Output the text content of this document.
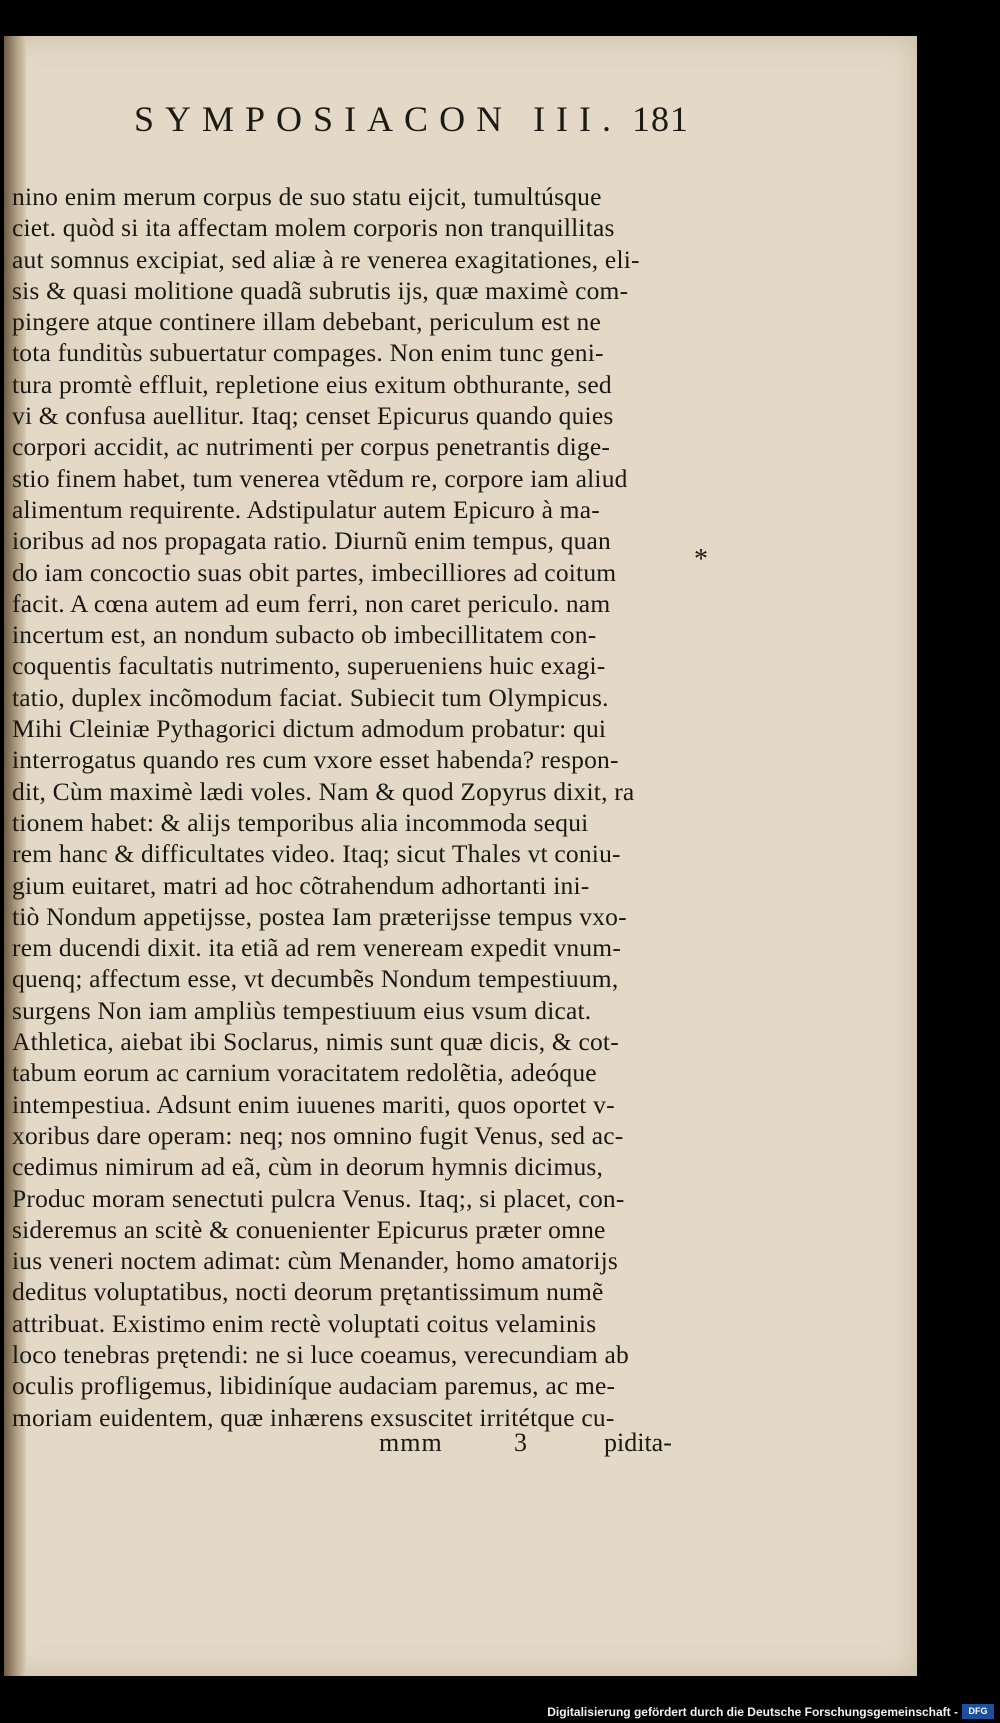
SYMPOSIACON III. 181
nino enim merum corpus de suo statu eijcit, tumultúsque
ciet. quòd si ita affectam molem corporis non tranquillitas
aut somnus excipiat, sed aliæ à re venerea exagitationes, eli-
sis & quasi molitione quadã subrutis ijs, quæ maximè com-
pingere atque continere illam debebant, periculum est ne
tota funditùs subuertatur compages. Non enim tunc geni-
tura promtè effluit, repletione eius exitum obthurante, sed
vi & confusa auellitur. Itaq; censet Epicurus quando quies
corpori accidit, ac nutrimenti per corpus penetrantis dige-
stio finem habet, tum venerea vtẽdum re, corpore iam aliud
alimentum requirente. Adstipulatur autem Epicuro à ma-
ioribus ad nos propagata ratio. Diurnũ enim tempus, quan
do iam concoctio suas obit partes, imbecilliores ad coitum
facit. A cœna autem ad eum ferri, non caret periculo. nam
incertum est, an nondum subacto ob imbecillitatem con-
coquentis facultatis nutrimento, superueniens huic exagi-
tatio, duplex incõmodum faciat. Subiecit tum Olympicus.
Mihi Cleiniæ Pythagorici dictum admodum probatur: qui
interrogatus quando res cum vxore esset habenda? respon-
dit, Cùm maximè lædi voles. Nam & quod Zopyrus dixit, ra
tionem habet: & alijs temporibus alia incommoda sequi
rem hanc & difficultates video. Itaq; sicut Thales vt coniu-
gium euitaret, matri ad hoc cõtrahendum adhortanti ini-
tiò Nondum appetijsse, postea Iam præterijsse tempus vxo-
rem ducendi dixit. ita etiã ad rem veneream expedit vnum-
quenq; affectum esse, vt decumbẽs Nondum tempestiuum,
surgens Non iam ampliùs tempestiuum eius vsum dicat.
Athletica, aiebat ibi Soclarus, nimis sunt quæ dicis, & cot-
tabum eorum ac carnium voracitatem redolẽtia, adeóque
intempestiua. Adsunt enim iuuenes mariti, quos oportet v-
xoribus dare operam: neq; nos omnino fugit Venus, sed ac-
cedimus nimirum ad eã, cùm in deorum hymnis dicimus,
Produc moram senectuti pulcra Venus. Itaq;, si placet, con-
sideremus an scitè & conuenienter Epicurus præter omne
ius veneri noctem adimat: cùm Menander, homo amatorijs
deditus voluptatibus, nocti deorum prętantissimum numẽ
attribuat. Existimo enim rectè voluptati coitus velaminis
loco tenebras prętendi: ne si luce coeamus, verecundiam ab
oculis profligemus, libidiníque audaciam paremus, ac me-
moriam euidentem, quæ inhærens exsuscitet irritétque cu-
*
mmm	3	pidita-
Digitalisierung gefördert durch die Deutsche Forschungsgemeinschaft -	DFG
